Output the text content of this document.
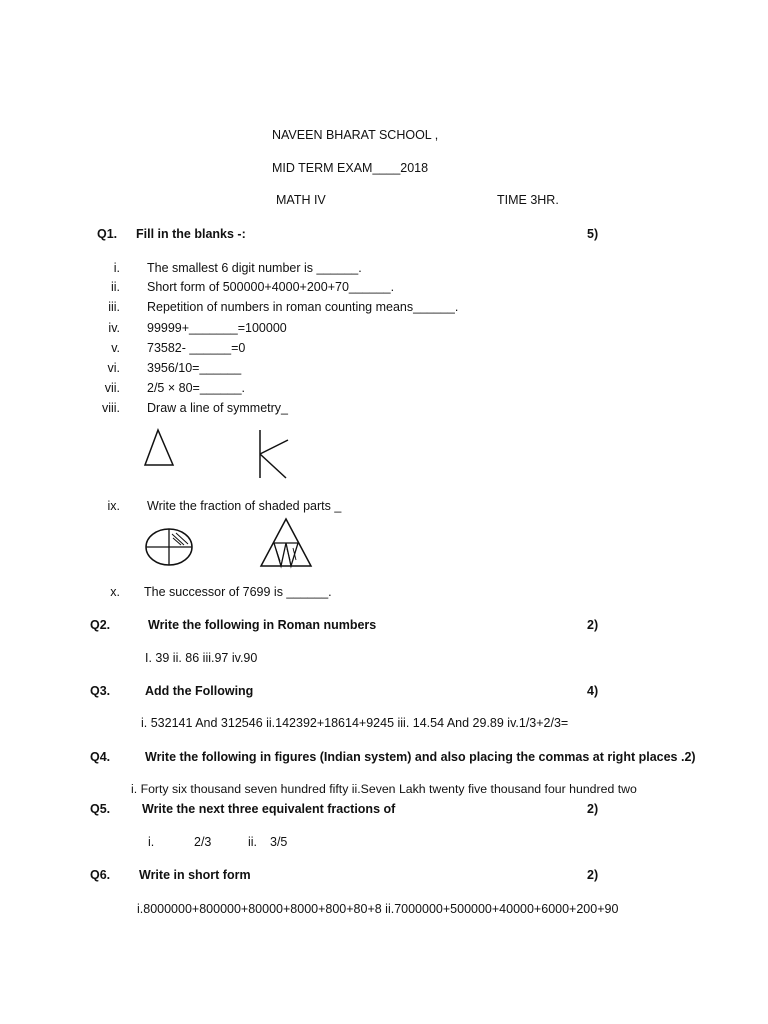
NAVEEN BHARAT SCHOOL ,
MID TERM EXAM____2018
MATH IV	TIME 3HR.
Q1. Fill in the blanks -:	5)
i. The smallest 6 digit number is ______.
ii. Short form of 500000+4000+200+70______.
iii. Repetition of numbers in roman counting means______.
iv. 99999+_______=100000
v. 73582- ______=0
vi. 3956/10=______
vii. 2/5 × 80=______.
viii. Draw a line of symmetry_
ix. Write the fraction of shaded parts _
x. The successor of 7699 is ______.
Q2.	Write the following in Roman numbers	2)
I. 39 ii. 86 iii.97 iv.90
Q3.	Add the Following	4)
i. 532141 And 312546 ii.142392+18614+9245 iii. 14.54 And 29.89 iv.1/3+2/3=
Q4.	Write the following in figures (Indian system) and also placing the commas at right places .2)
i. Forty six thousand seven hundred fifty ii.Seven Lakh twenty five thousand four hundred two
Q5.	Write the next three equivalent fractions of	2)
i.	2/3	ii. 3/5
Q6. Write in short form	2)
i.8000000+800000+80000+8000+800+80+8 ii.7000000+500000+40000+6000+200+90
